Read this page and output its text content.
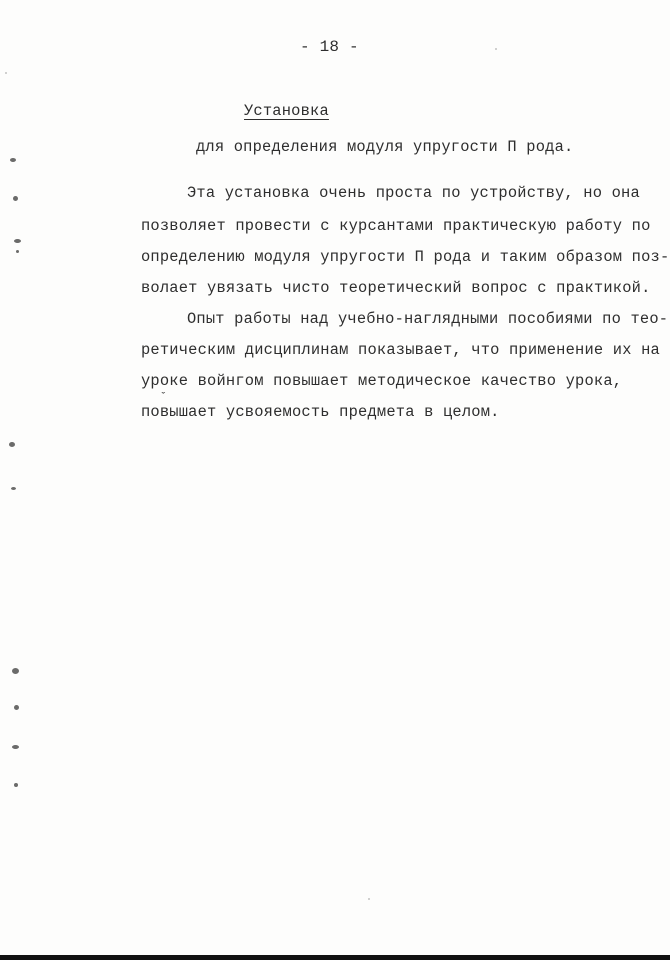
- 18 -
Установка
для определения модуля упругости П рода.
Эта установка очень проста по устройству, но она
позволяет провести с курсантами практическую работу по
определению модуля упругости П рода и таким образом поз-
волает увязать чисто теоретический вопрос с практикой.
Опыт работы над учебно-наглядными пособиями по тео-
ретическим дисциплинам показывает, что применение их на
уроке войнгом повышает методическое качество урока,
повышает усвояемость предмета в целом.
ˇ
